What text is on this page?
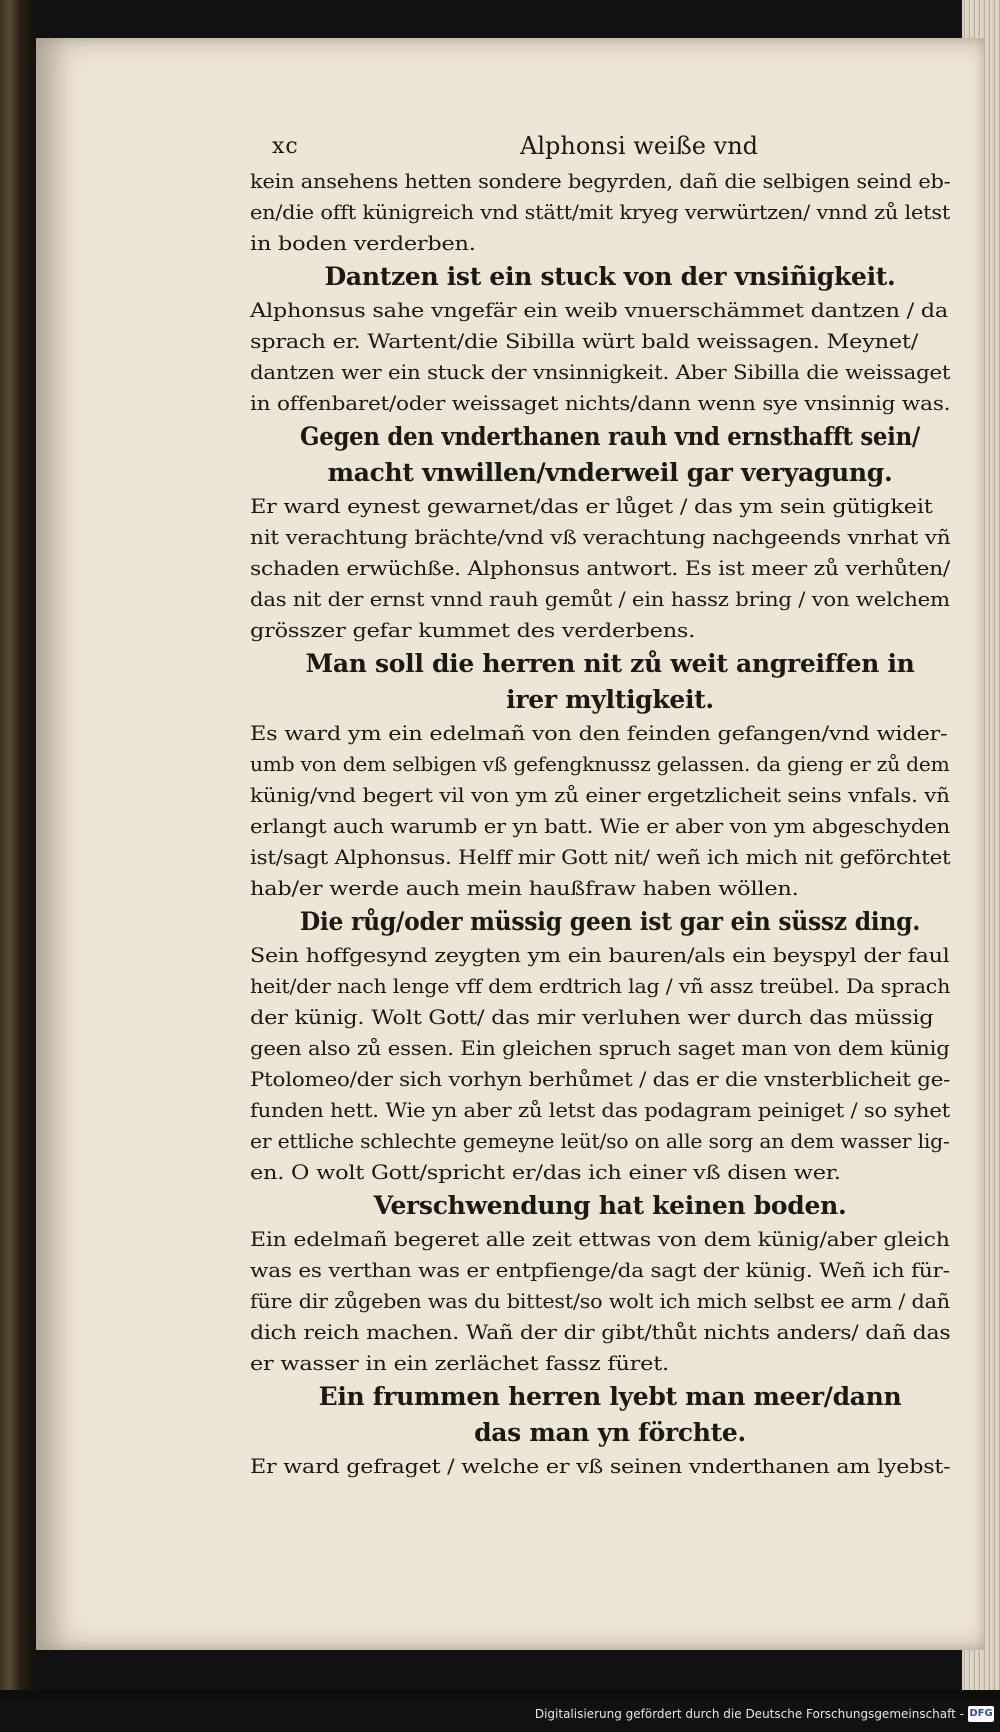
xc	Alphonsi weiße vnd

kein ansehens hetten sondere begyrden, dañ die selbigen seind eb-

en/die offt künigreich vnd stätt/mit kryeg verwürtzen/ vnnd zů letst

in boden verderben.

Dantzen ist ein stuck von der vnsiñigkeit.

Alphonsus sahe vngefär ein weib vnuerschämmet dantzen / da

sprach er. Wartent/die Sibilla würt bald weissagen. Meynet/

dantzen wer ein stuck der vnsinnigkeit. Aber Sibilla die weissaget

in offenbaret/oder weissaget nichts/dann wenn sye vnsinnig was.

Gegen den vnderthanen rauh vnd ernsthafft sein/

macht vnwillen/vnderweil gar veryagung.

Er ward eynest gewarnet/das er lůget / das ym sein gütigkeit

nit verachtung brächte/vnd vß verachtung nachgeends vnrhat vñ

schaden erwüchße. Alphonsus antwort. Es ist meer zů verhůten/

das nit der ernst vnnd rauh gemůt / ein hassz bring / von welchem

grösszer gefar kummet des verderbens.

Man soll die herren nit zů weit angreiffen in

irer myltigkeit.

Es ward ym ein edelmañ von den feinden gefangen/vnd wider-

umb von dem selbigen vß gefengknussz gelassen. da gieng er zů dem

künig/vnd begert vil von ym zů einer ergetzlicheit seins vnfals. vñ

erlangt auch warumb er yn batt. Wie er aber von ym abgeschyden

ist/sagt Alphonsus. Helff mir Gott nit/ weñ ich mich nit geförchtet

hab/er werde auch mein haußfraw haben wöllen.

Die růg/oder müssig geen ist gar ein süssz ding.

Sein hoffgesynd zeygten ym ein bauren/als ein beyspyl der faul

heit/der nach lenge vff dem erdtrich lag / vñ assz treübel. Da sprach

der künig. Wolt Gott/ das mir verluhen wer durch das müssig

geen also zů essen. Ein gleichen spruch saget man von dem künig

Ptolomeo/der sich vorhyn berhůmet / das er die vnsterblicheit ge-

funden hett. Wie yn aber zů letst das podagram peiniget / so syhet

er ettliche schlechte gemeyne leüt/so on alle sorg an dem wasser lig-

en. O wolt Gott/spricht er/das ich einer vß disen wer.

Verschwendung hat keinen boden.

Ein edelmañ begeret alle zeit ettwas von dem künig/aber gleich

was es verthan was er entpfienge/da sagt der künig. Weñ ich für-

füre dir zůgeben was du bittest/so wolt ich mich selbst ee arm / dañ

dich reich machen. Wañ der dir gibt/thůt nichts anders/ dañ das

er wasser in ein zerlächet fassz füret.

Ein frummen herren lyebt man meer/dann

das man yn förchte.

Er ward gefraget / welche er vß seinen vnderthanen am lyebst-

Digitalisierung gefördert durch die Deutsche Forschungsgemeinschaft - DFG
